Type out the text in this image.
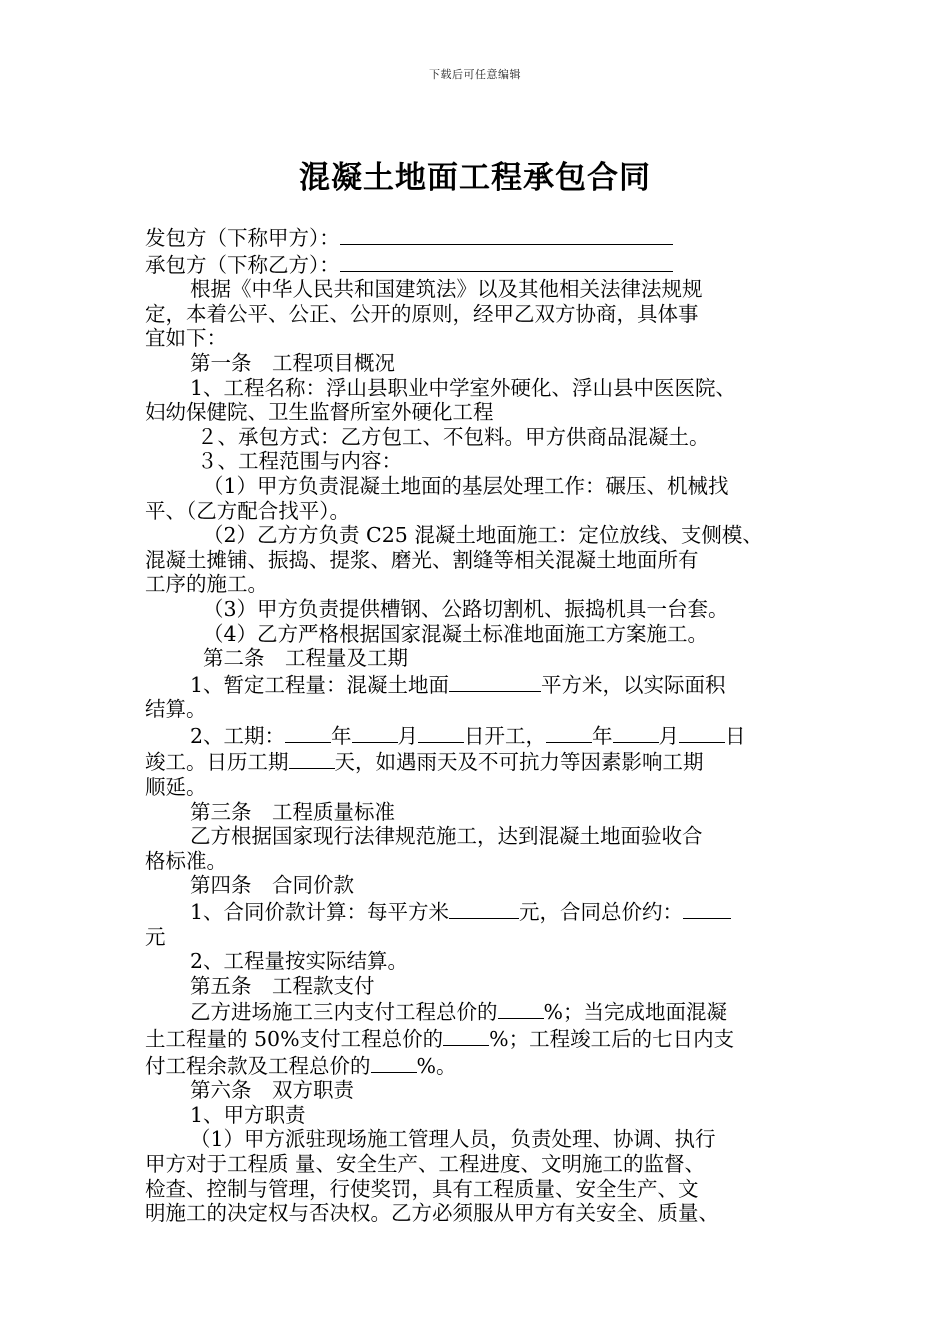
下载后可任意编辑
混凝土地面工程承包合同

发包方（下称甲方）：

承包方（下称乙方）：

根据《中华人民共和国建筑法》以及其他相关法律法规规

定，本着公平、公正、公开的原则，经甲乙双方协商，具体事

宜如下：

第一条　工程项目概况

1、工程名称：浮山县职业中学室外硬化、浮山县中医医院、

妇幼保健院、卫生监督所室外硬化工程

２、承包方式：乙方包工、不包料。甲方供商品混凝土。

３、工程范围与内容：

（1）甲方负责混凝土地面的基层处理工作：碾压、机械找

平、（乙方配合找平）。

（2）乙方方负责 C25 混凝土地面施工：定位放线、支侧模、

混凝土摊铺、振捣、提浆、磨光、割缝等相关混凝土地面所有

工序的施工。

（3）甲方负责提供槽钢、公路切割机、振捣机具一台套。

（4）乙方严格根据国家混凝土标准地面施工方案施工。

第二条　工程量及工期

1、暂定工程量：混凝土地面	平方米，以实际面积

结算。

2、工期： 年 月 日开工， 年 月 日

竣工。日历工期 天，如遇雨天及不可抗力等因素影响工期

顺延。

第三条　工程质量标准

乙方根据国家现行法律规范施工，达到混凝土地面验收合

格标准。

第四条　合同价款

1、合同价款计算：每平方米	元，合同总价约：

元

2、工程量按实际结算。

第五条　工程款支付

乙方进场施工三内支付工程总价的 %；当完成地面混凝

土工程量的 50%支付工程总价的 %；工程竣工后的七日内支

付工程余款及工程总价的 %。

第六条　双方职责

1、甲方职责

（1）甲方派驻现场施工管理人员，负责处理、协调、执行

甲方对于工程质 量、安全生产、工程进度、文明施工的监督、

检查、控制与管理，行使奖罚，具有工程质量、安全生产、文

明施工的决定权与否决权。乙方必须服从甲方有关安全、质量、
